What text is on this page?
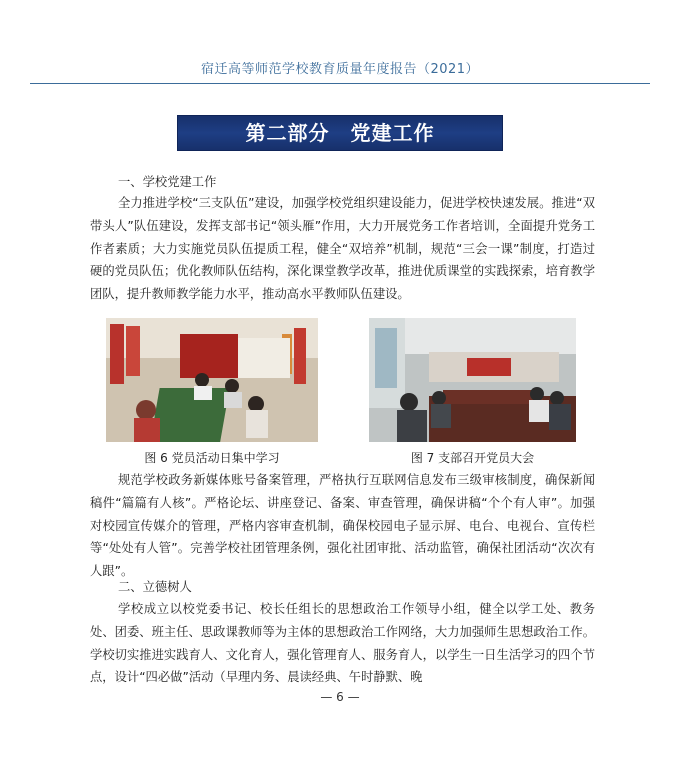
宿迁高等师范学校教育质量年度报告（2021）
第二部分　党建工作

一、学校党建工作

全力推进学校“三支队伍”建设，加强学校党组织建设能力，促进学校快速发展。推进“双带头人”队伍建设，发挥支部书记“领头雁”作用，大力开展党务工作者培训，全面提升党务工作者素质；大力实施党员队伍提质工程，健全“双培养”机制，规范“三会一课”制度，打造过硬的党员队伍；优化教师队伍结构，深化课堂教学改革，推进优质课堂的实践探索，培育教学团队，提升教师教学能力水平，推动高水平教师队伍建设。

图 6 党员活动日集中学习	图 7 支部召开党员大会

规范学校政务新媒体账号备案管理，严格执行互联网信息发布三级审核制度，确保新闻稿件“篇篇有人核”。严格论坛、讲座登记、备案、审查管理，确保讲稿“个个有人审”。加强对校园宣传媒介的管理，严格内容审查机制，确保校园电子显示屏、电台、电视台、宣传栏等“处处有人管”。完善学校社团管理条例，强化社团审批、活动监管，确保社团活动“次次有人跟”。

二、立德树人

学校成立以校党委书记、校长任组长的思想政治工作领导小组，健全以学工处、教务处、团委、班主任、思政课教师等为主体的思想政治工作网络，大力加强师生思想政治工作。学校切实推进实践育人、文化育人，强化管理育人、服务育人，以学生一日生活学习的四个节点，设计“四必做”活动（早理内务、晨读经典、午时静默、晚

— 6 —
